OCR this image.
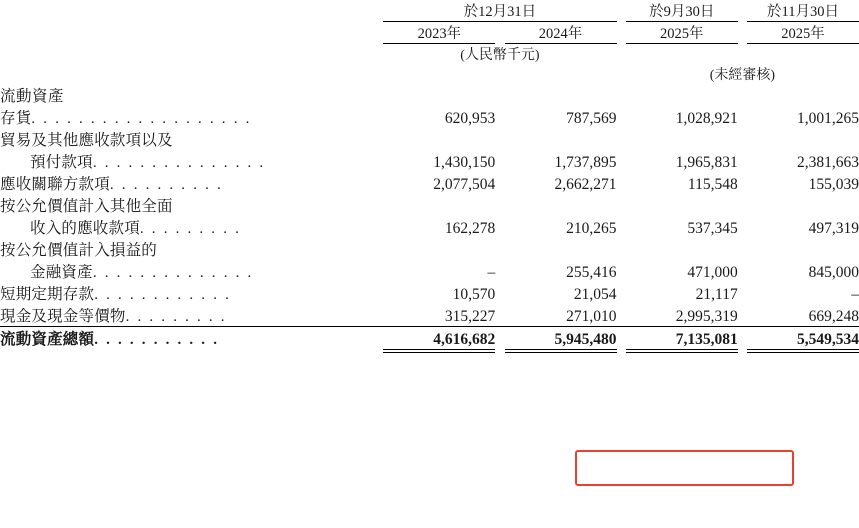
	於12月31日				於9月30日		於11月30日

	2023年		2024年		2025年		2025年

	(人民幣千元)						
					(未經審核)		
流動資產							
存貨. . . . . . . . . . . . . . . . . . .	620,953		787,569		1,028,921		1,001,265
貿易及其他應收款項以及							
預付款項. . . . . . . . . . . . . . .	1,430,150		1,737,895		1,965,831		2,381,663
應收關聯方款項. . . . . . . . . .	2,077,504		2,662,271		115,548		155,039
按公允價值計入其他全面							
收入的應收款項. . . . . . . . .	162,278		210,265		537,345		497,319
按公允價值計入損益的							
金融資產. . . . . . . . . . . . . .	–		255,416		471,000		845,000
短期定期存款. . . . . . . . . . . .	10,570		21,054		21,117		–
現金及現金等價物. . . . . . . . .	315,227		271,010		2,995,319		669,248
流動資產總額. . . . . . . . . . .	4,616,682		5,945,480		7,135,081		5,549,534
